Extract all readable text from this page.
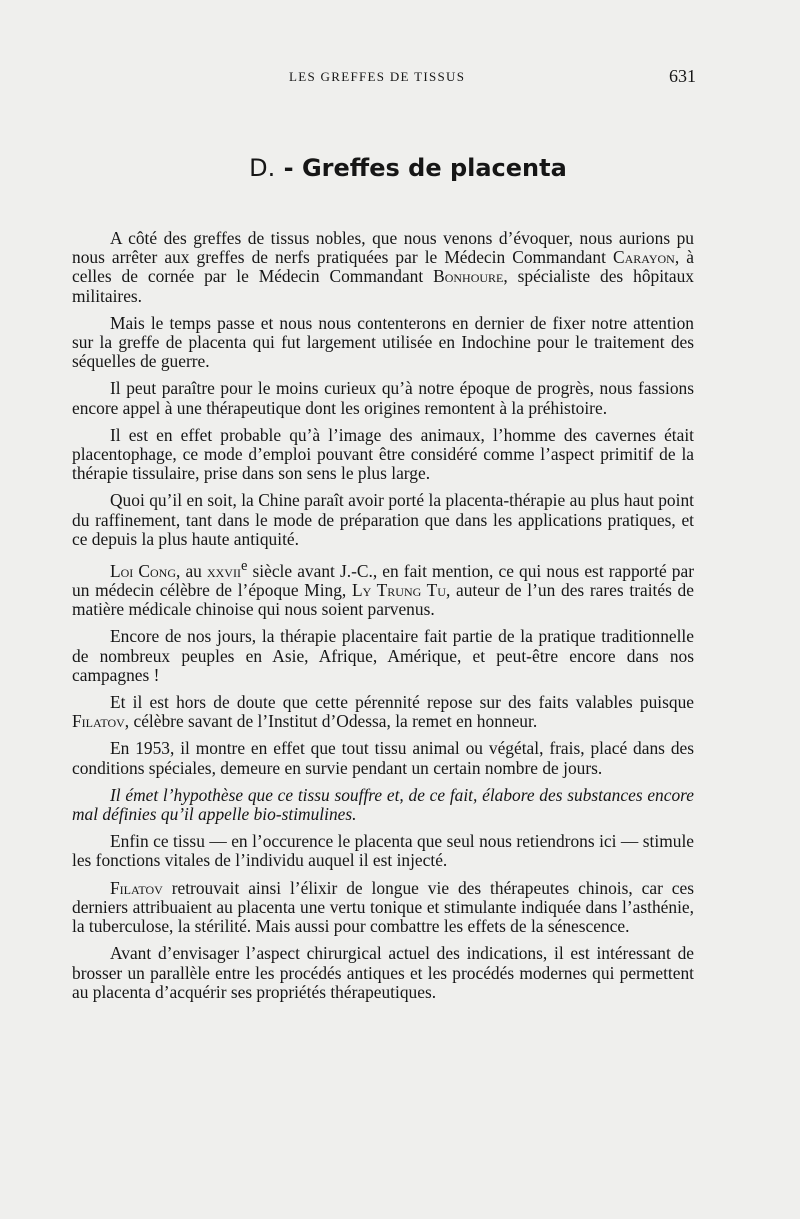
LES GREFFES DE TISSUS	631
D. - Greffes de placenta

A côté des greffes de tissus nobles, que nous venons d’évoquer, nous aurions pu nous arrêter aux greffes de nerfs pratiquées par le Médecin Commandant Carayon, à celles de cornée par le Médecin Commandant Bonhoure, spécialiste des hôpitaux militaires.

Mais le temps passe et nous nous contenterons en dernier de fixer notre attention sur la greffe de placenta qui fut largement utilisée en Indochine pour le traitement des séquelles de guerre.

Il peut paraître pour le moins curieux qu’à notre époque de progrès, nous fassions encore appel à une thérapeutique dont les origines remontent à la préhistoire.

Il est en effet probable qu’à l’image des animaux, l’homme des cavernes était placentophage, ce mode d’emploi pouvant être considéré comme l’aspect primitif de la thérapie tissulaire, prise dans son sens le plus large.

Quoi qu’il en soit, la Chine paraît avoir porté la placenta-thérapie au plus haut point du raffinement, tant dans le mode de préparation que dans les applications pratiques, et ce depuis la plus haute antiquité.

Loi Cong, au xxvii$^e$ siècle avant J.-C., en fait mention, ce qui nous est rapporté par un médecin célèbre de l’époque Ming, Ly Trung Tu, auteur de l’un des rares traités de matière médicale chinoise qui nous soient parvenus.

Encore de nos jours, la thérapie placentaire fait partie de la pratique traditionnelle de nombreux peuples en Asie, Afrique, Amérique, et peut-être encore dans nos campagnes !

Et il est hors de doute que cette pérennité repose sur des faits valables puisque Filatov, célèbre savant de l’Institut d’Odessa, la remet en honneur.

En 1953, il montre en effet que tout tissu animal ou végétal, frais, placé dans des conditions spéciales, demeure en survie pendant un certain nombre de jours.

Il émet l’hypothèse que ce tissu souffre et, de ce fait, élabore des substances encore mal définies qu’il appelle bio-stimulines.

Enfin ce tissu — en l’occurence le placenta que seul nous retiendrons ici — stimule les fonctions vitales de l’individu auquel il est injecté.

Filatov retrouvait ainsi l’élixir de longue vie des thérapeutes chinois, car ces derniers attribuaient au placenta une vertu tonique et stimulante indiquée dans l’asthénie, la tuberculose, la stérilité. Mais aussi pour combattre les effets de la sénescence.

Avant d’envisager l’aspect chirurgical actuel des indications, il est intéressant de brosser un parallèle entre les procédés antiques et les procédés modernes qui permettent au placenta d’acquérir ses propriétés thérapeutiques.
